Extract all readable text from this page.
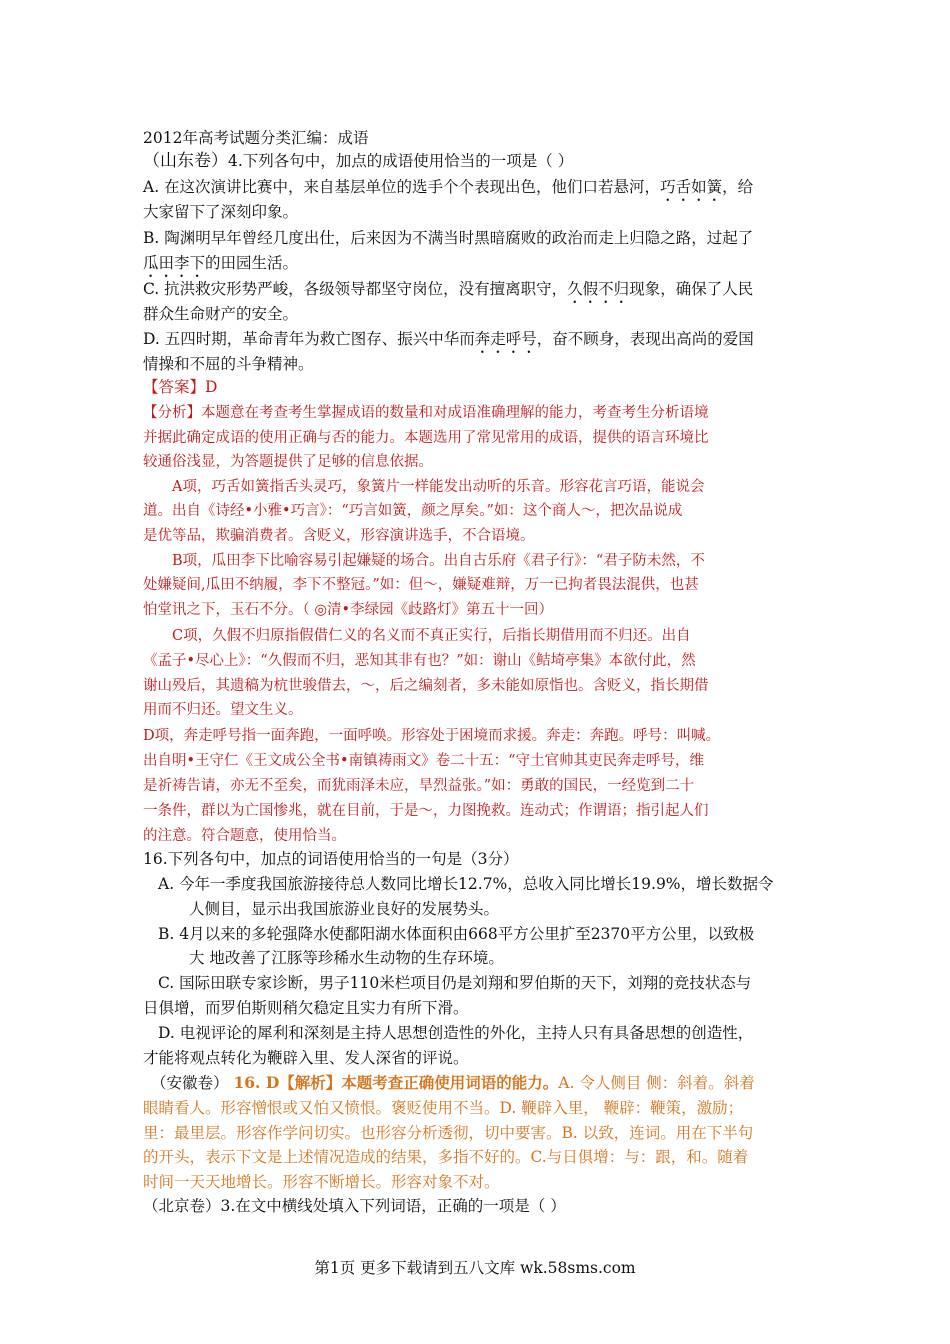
2012年高考试题分类汇编：成语
（山东卷）4.下列各句中，加点的成语使用恰当的一项是（ ）
A. 在这次演讲比赛中，来自基层单位的选手个个表现出色，他们口若悬河，巧舌如簧，给
大家留下了深刻印象。
B. 陶渊明早年曾经几度出仕，后来因为不满当时黑暗腐败的政治而走上归隐之路，过起了
瓜田李下的田园生活。
C. 抗洪救灾形势严峻，各级领导都坚守岗位，没有擅离职守，久假不归现象，确保了人民
群众生命财产的安全。
D. 五四时期，革命青年为救亡图存、振兴中华而奔走呼号，奋不顾身，表现出高尚的爱国
情操和不屈的斗争精神。
【答案】D
【分析】本题意在考查考生掌握成语的数量和对成语准确理解的能力，考查考生分析语境
并据此确定成语的使用正确与否的能力。本题选用了常见常用的成语，提供的语言环境比
较通俗浅显，为答题提供了足够的信息依据。
　　A项，巧舌如簧指舌头灵巧，象簧片一样能发出动听的乐音。形容花言巧语，能说会
道。出自《诗经•小雅•巧言》：“巧言如簧，颜之厚矣。”如：这个商人～，把次品说成
是优等品，欺骗消费者。含贬义，形容演讲选手，不合语境。
　　B项，瓜田李下比喻容易引起嫌疑的场合。出自古乐府《君子行》：“君子防未然，不
处嫌疑间,瓜田不纳履，李下不整冠。”如：但～，嫌疑难辩，万一已拘者畏法混供，也甚
怕堂讯之下，玉石不分。（ ◎清•李绿园《歧路灯》第五十一回）
　　C项，久假不归原指假借仁义的名义而不真正实行，后指长期借用而不归还。出自
《孟子•尽心上》：“久假而不归，恶知其非有也？”如：谢山《鲒埼亭集》本欲付此，然
谢山殁后，其遗稿为杭世骏借去，～，后之编刻者，多未能如原恉也。含贬义，指长期借
用而不归还。望文生义。
D项，奔走呼号指一面奔跑，一面呼唤。形容处于困境而求援。奔走：奔跑。呼号：叫喊。
出自明•王守仁《王文成公全书•南镇祷雨文》卷二十五：“守土官帅其吏民奔走呼号，维
是祈祷告请，亦无不至矣，而犹雨泽未应，旱烈益张。”如：勇敢的国民，一经览到二十
一条件，群以为亡国惨兆，就在目前，于是～，力图挽救。连动式；作谓语；指引起人们
的注意。符合题意，使用恰当。
16.下列各句中，加点的词语使用恰当的一句是（3分）
A. 今年一季度我国旅游接待总人数同比增长12.7%，总收入同比增长19.9%，增长数据令
人侧目，显示出我国旅游业良好的发展势头。
B. 4月以来的多轮强降水使鄱阳湖水体面积由668平方公里扩至2370平方公里，以致极
大 地改善了江豚等珍稀水生动物的生存环境。
C. 国际田联专家诊断，男子110米栏项目仍是刘翔和罗伯斯的天下，刘翔的竞技状态与
日俱增，而罗伯斯则稍欠稳定且实力有所下滑。
D. 电视评论的犀利和深刻是主持人思想创造性的外化，主持人只有具备思想的创造性，
才能将观点转化为鞭辟入里、发人深省的评说。
（安徽卷） 16. D【解析】本题考查正确使用词语的能力。A. 令人侧目 侧：斜着。斜着
眼睛看人。形容憎恨或又怕又愤恨。褒贬使用不当。D. 鞭辟入里， 鞭辟：鞭策，激励；
里：最里层。形容作学问切实。也形容分析透彻，切中要害。B. 以致，连词。用在下半句
的开头，表示下文是上述情况造成的结果，多指不好的。C.与日俱增：与：跟，和。随着
时间一天天地增长。形容不断增长。形容对象不对。
（北京卷）3.在文中横线处填入下列词语，正确的一项是（ ）
第1页 更多下载请到五八文库 wk.58sms.com
